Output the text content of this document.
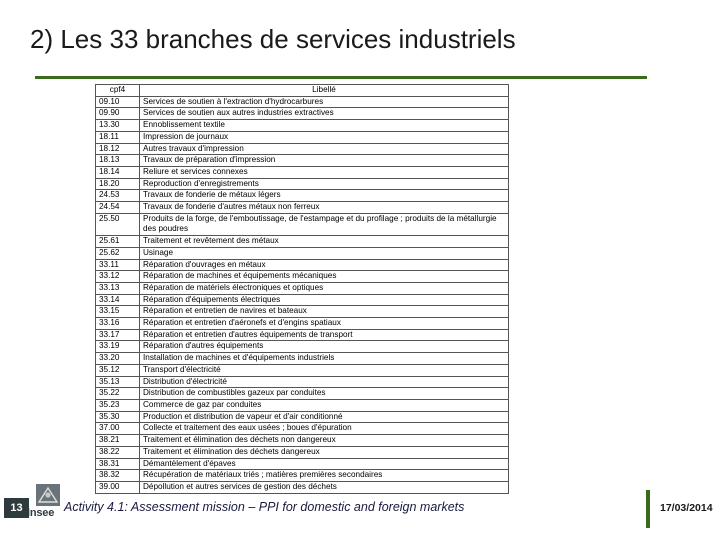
2) Les 33 branches de services industriels
cpf4	Libellé
09.10	Services de soutien à l'extraction d'hydrocarbures
09.90	Services de soutien aux autres industries extractives
13.30	Ennoblissement textile
18.11	Impression de journaux
18.12	Autres travaux d'impression
18.13	Travaux de préparation d'impression
18.14	Reliure et services connexes
18.20	Reproduction d'enregistrements
24.53	Travaux de fonderie de métaux légers
24.54	Travaux de fonderie d'autres métaux non ferreux
25.50	Produits de la forge, de l'emboutissage, de l'estampage et du profilage ; produits de la métallurgie des poudres
25.61	Traitement et revêtement des métaux
25.62	Usinage
33.11	Réparation d'ouvrages en métaux
33.12	Réparation de machines et équipements mécaniques
33.13	Réparation de matériels électroniques et optiques
33.14	Réparation d'équipements électriques
33.15	Réparation et entretien de navires et bateaux
33.16	Réparation et entretien d'aéronefs et d'engins spatiaux
33.17	Réparation et entretien d'autres équipements de transport
33.19	Réparation d'autres équipements
33.20	Installation de machines et d'équipements industriels
35.12	Transport d'électricité
35.13	Distribution d'électricité
35.22	Distribution de combustibles gazeux par conduites
35.23	Commerce de gaz par conduites
35.30	Production et distribution de vapeur et d'air conditionné
37.00	Collecte et traitement des eaux usées ; boues d'épuration
38.21	Traitement et élimination des déchets non dangereux
38.22	Traitement et élimination des déchets dangereux
38.31	Démantèlement d'épaves
38.32	Récupération de matériaux triés ; matières premières secondaires
39.00	Dépollution et autres services de gestion des déchets
13 Insee Activity 4.1: Assessment mission – PPI for domestic and foreign markets	17/03/2014
